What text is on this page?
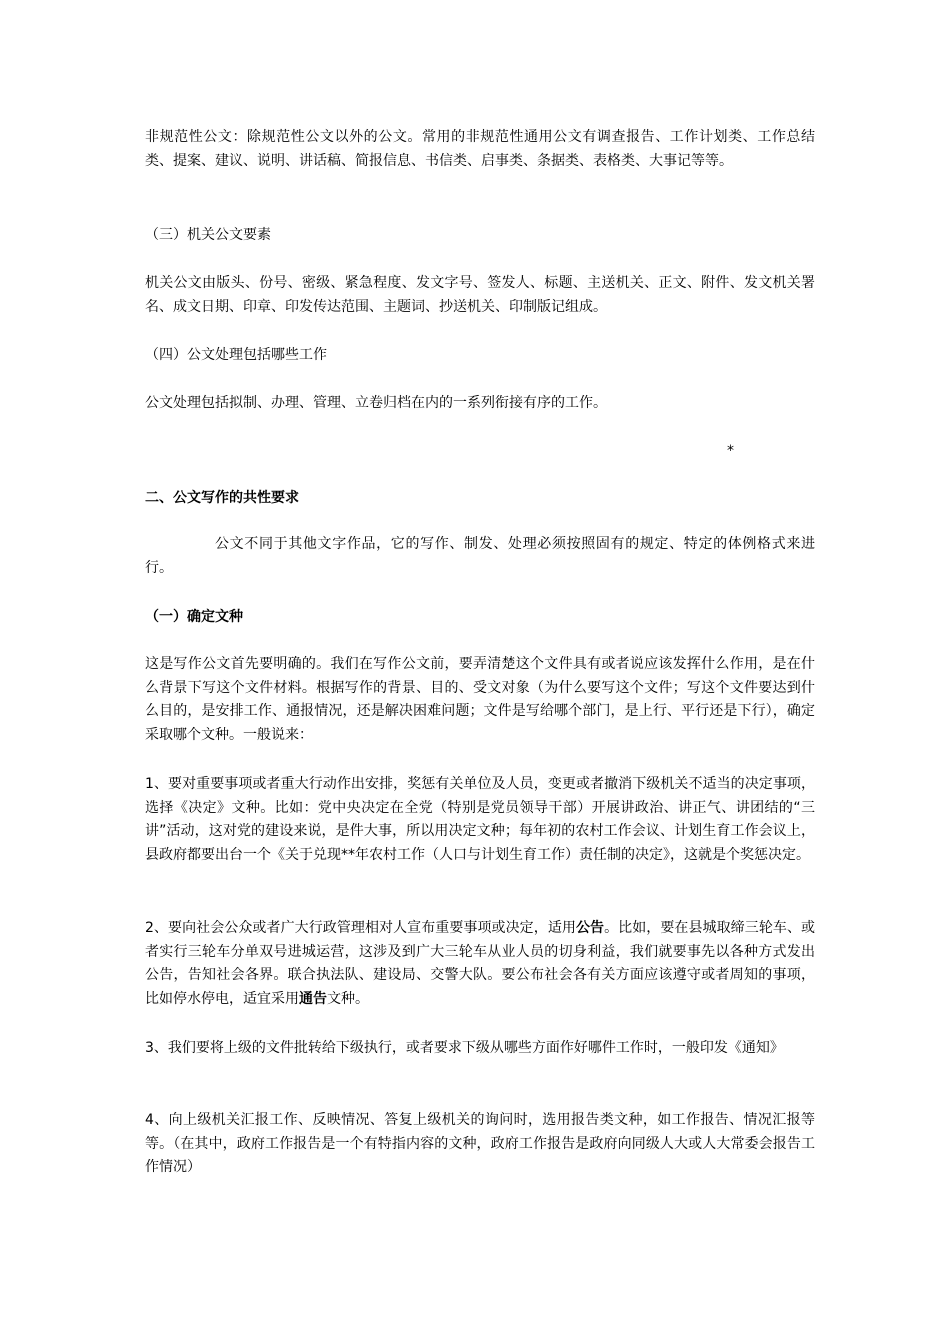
非规范性公文：除规范性公文以外的公文。常用的非规范性通用公文有调查报告、工作计划类、工作总结类、提案、建议、说明、讲话稿、简报信息、书信类、启事类、条据类、表格类、大事记等等。

（三）机关公文要素

机关公文由版头、份号、密级、紧急程度、发文字号、签发人、标题、主送机关、正文、附件、发文机关署名、成文日期、印章、印发传达范围、主题词、抄送机关、印制版记组成。

（四）公文处理包括哪些工作

公文处理包括拟制、办理、管理、立卷归档在内的一系列衔接有序的工作。

*

二、公文写作的共性要求

公文不同于其他文字作品，它的写作、制发、处理必须按照固有的规定、特定的体例格式来进行。

（一）确定文种

这是写作公文首先要明确的。我们在写作公文前，要弄清楚这个文件具有或者说应该发挥什么作用，是在什么背景下写这个文件材料。根据写作的背景、目的、受文对象（为什么要写这个文件；写这个文件要达到什么目的，是安排工作、通报情况，还是解决困难问题；文件是写给哪个部门，是上行、平行还是下行），确定采取哪个文种。一般说来：

1、要对重要事项或者重大行动作出安排，奖惩有关单位及人员，变更或者撤消下级机关不适当的决定事项，选择《决定》文种。比如：党中央决定在全党（特别是党员领导干部）开展讲政治、讲正气、讲团结的“三讲”活动，这对党的建设来说，是件大事，所以用决定文种；每年初的农村工作会议、计划生育工作会议上，县政府都要出台一个《关于兑现**年农村工作（人口与计划生育工作）责任制的决定》，这就是个奖惩决定。

2、要向社会公众或者广大行政管理相对人宣布重要事项或决定，适用公告。比如，要在县城取缔三轮车、或者实行三轮车分单双号进城运营，这涉及到广大三轮车从业人员的切身利益，我们就要事先以各种方式发出公告，告知社会各界。联合执法队、建设局、交警大队。要公布社会各有关方面应该遵守或者周知的事项，比如停水停电，适宜采用通告文种。

3、我们要将上级的文件批转给下级执行，或者要求下级从哪些方面作好哪件工作时，一般印发《通知》

4、向上级机关汇报工作、反映情况、答复上级机关的询问时，选用报告类文种，如工作报告、情况汇报等等。（在其中，政府工作报告是一个有特指内容的文种，政府工作报告是政府向同级人大或人大常委会报告工作情况）
